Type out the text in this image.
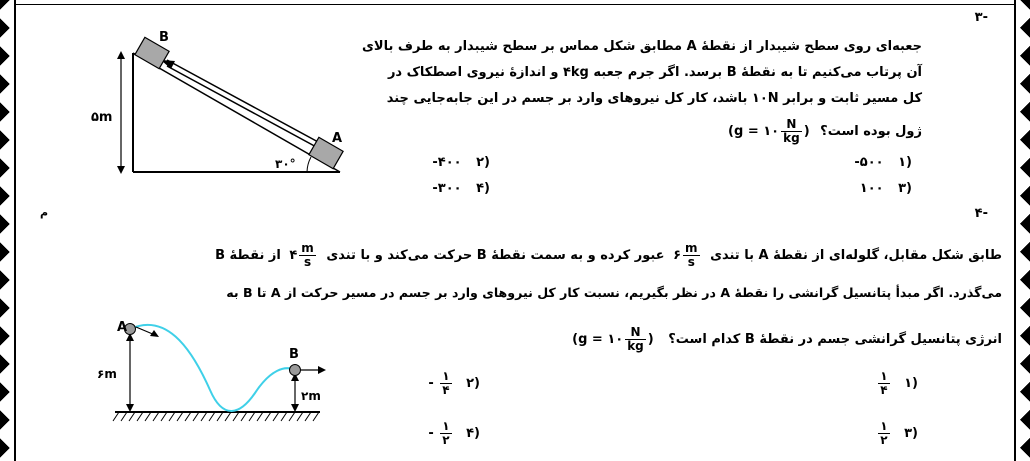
م
-۳
جعبه‌ای روی سطح شیبدار از نقطهٔ A مطابق شکل مماس بر سطح شیبدار به طرف بالای
آن پرتاب می‌کنیم تا به نقطهٔ B برسد. اگر جرم جعبه ۴kg و اندازهٔ نیروی اصطکاک در
کل مسیر ثابت و برابر ۱۰N باشد، کار کل نیروهای وارد بر جسم در این جابه‌جایی چند
ژول بوده است؟ (g = ۱۰ $\frac{N}{kg}$ )
(۱ ۵۰۰-
(۲ ۴۰۰-
(۳ ۱۰۰
(۴ ۳۰۰-
۵m
B
A
۳۰°
-۴
طابق شکل مقابل، گلوله‌ای از نقطهٔ A با تندی ۶ $\frac{m}{s}$
عبور کرده و به سمت نقطهٔ B حرکت می‌کند و با تندی ۴ $\frac{m}{s}$
از نقطهٔ B
می‌گذرد. اگر مبدأ پتانسیل گرانشی را نقطهٔ A در نظر بگیریم، نسبت کار کل نیروهای وارد بر جسم در مسیر حرکت از A تا B به
انرژی پتانسیل گرانشی جسم در نقطهٔ B کدام است؟ (g = ۱۰ $\frac{N}{kg}$ )
(۱
$\frac{۱}{۴}$
(۲
$\frac{۱}{۴}$
-
(۳
$\frac{۱}{۲}$
(۴
$\frac{۱}{۲}$
-
A
B
۶m
۲m
